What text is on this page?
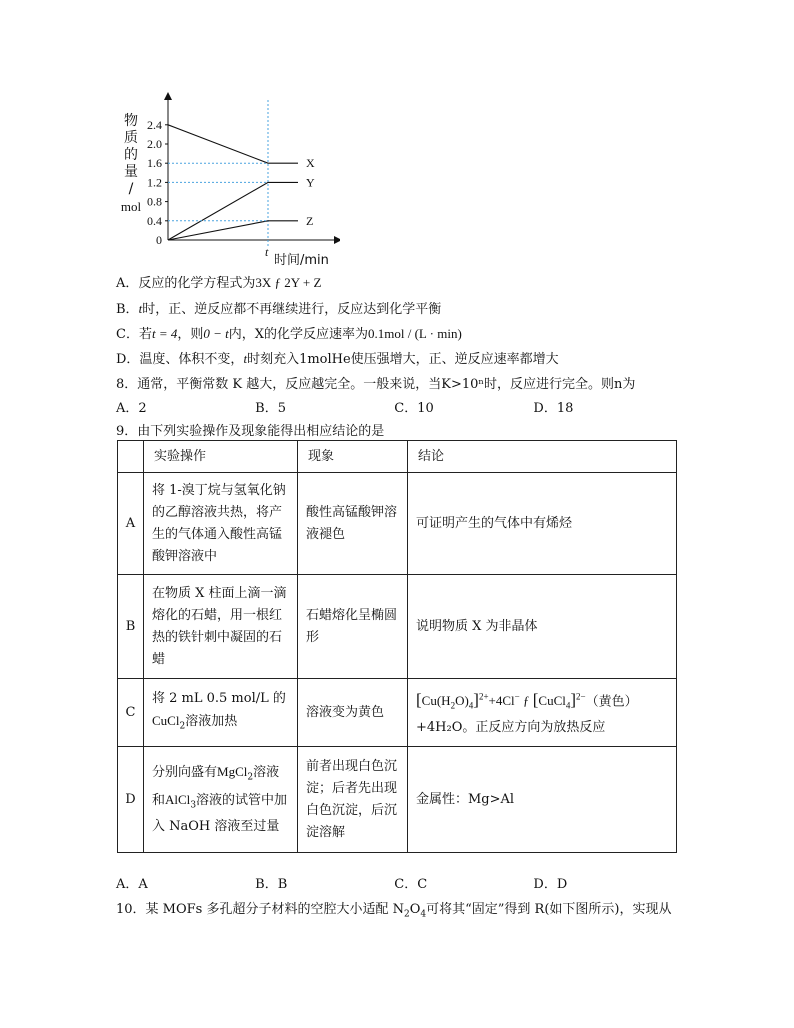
2.4
2.0
1.6
1.2
0.8
0.4
0
X
Y
Z
t
时间/min
物
质
的
量
/
mol
A．反应的化学方程式为3X ƒ 2Y + Z
B．t时，正、逆反应都不再继续进行，反应达到化学平衡
C．若t = 4，则0 − t内，X的化学反应速率为0.1mol / (L · min)
D．温度、体积不变，t时刻充入1molHe使压强增大，正、逆反应速率都增大
8．通常，平衡常数 K 越大，反应越完全。一般来说，当K>10ⁿ时，反应进行完全。则n为
A．2	B．5	C．10	D．18
9．由下列实验操作及现象能得出相应结论的是
	实验操作	现象	结论
A	将 1-溴丁烷与氢氧化钠的乙醇溶液共热，将产生的气体通入酸性高锰酸钾溶液中	酸性高锰酸钾溶液褪色	可证明产生的气体中有烯烃
B	在物质 X 柱面上滴一滴熔化的石蜡，用一根红热的铁针刺中凝固的石蜡	石蜡熔化呈椭圆形	说明物质 X 为非晶体
C	将 2 mL 0.5 mol/L 的
CuCl$_2$溶液加热	溶液变为黄色	$[Cu(H_2O)_4]^{2+}+4Cl^-$ ƒ [CuCl$_4$]$^{2-}$（黄色）
+4H₂O。正反应方向为放热反应
D	分别向盛有MgCl$_2$溶液和AlCl$_3$溶液的试管中加入 NaOH 溶液至过量	前者出现白色沉淀；后者先出现白色沉淀，后沉淀溶解	金属性：Mg>Al
A．A	B．B	C．C	D．D
10．某 MOFs 多孔超分子材料的空腔大小适配 $N_2O_4$可将其“固定”得到 R(如下图所示)，实现从
